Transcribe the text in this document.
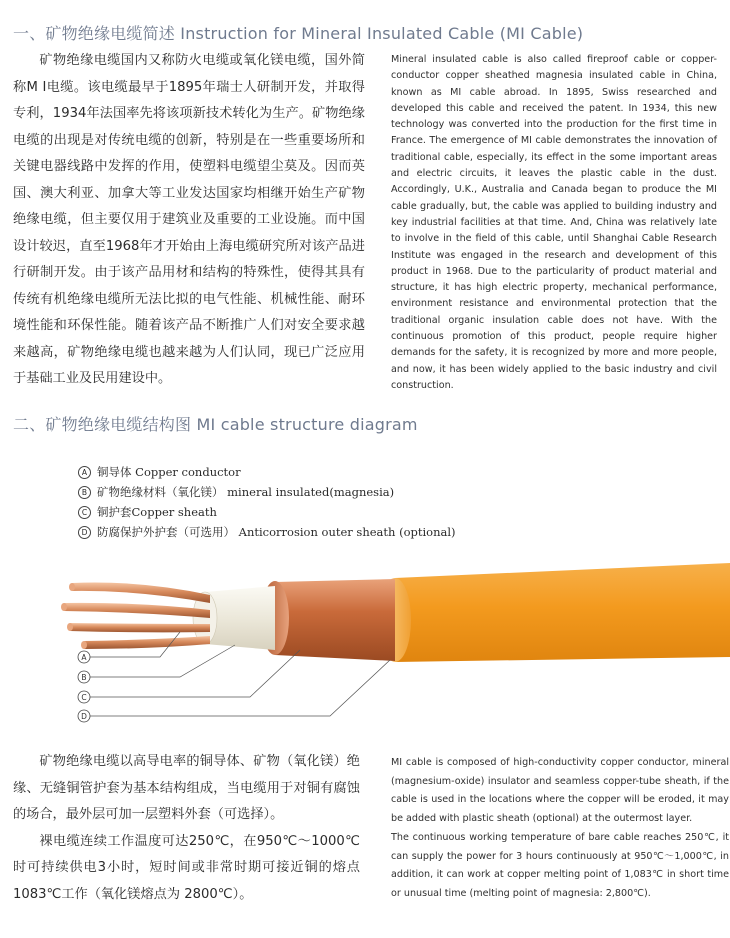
一、矿物绝缘电缆简述 Instruction for Mineral Insulated Cable (MI Cable)

矿物绝缘电缆国内又称防火电缆或氧化镁电缆，国外简称M I电缆。该电缆最早于1895年瑞士人研制开发，并取得专利，1934年法国率先将该项新技术转化为生产。矿物绝缘电缆的出现是对传统电缆的创新，特别是在一些重要场所和关键电器线路中发挥的作用，使塑料电缆望尘莫及。因而英国、澳大利亚、加拿大等工业发达国家均相继开始生产矿物绝缘电缆，但主要仅用于建筑业及重要的工业设施。而中国设计较迟，直至1968年才开始由上海电缆研究所对该产品进行研制开发。由于该产品用材和结构的特殊性，使得其具有传统有机绝缘电缆所无法比拟的电气性能、机械性能、耐环境性能和环保性能。随着该产品不断推广人们对安全要求越来越高，矿物绝缘电缆也越来越为人们认同，现已广泛应用于基础工业及民用建设中。

Mineral insulated cable is also called fireproof cable or copper-conductor copper sheathed magnesia insulated cable in China, known as MI cable abroad. In 1895, Swiss researched and developed this cable and received the patent. In 1934, this new technology was converted into the production for the first time in France. The emergence of MI cable demonstrates the innovation of traditional cable, especially, its effect in the some important areas and electric circuits, it leaves the plastic cable in the dust. Accordingly, U.K., Australia and Canada began to produce the MI cable gradually, but, the cable was applied to building industry and key industrial facilities at that time. And, China was relatively late to involve in the field of this cable, until Shanghai Cable Research Institute was engaged in the research and development of this product in 1968. Due to the particularity of product material and structure, it has high electric property, mechanical performance, environment resistance and environmental protection that the traditional organic insulation cable does not have. With the continuous promotion of this product, people require higher demands for the safety, it is recognized by more and more people, and now, it has been widely applied to the basic industry and civil construction.

二、矿物绝缘电缆结构图 MI cable structure diagram
A 铜导体 Copper conductor
B 矿物绝缘材料（氧化镁） mineral insulated(magnesia)
C 铜护套Copper sheath
D 防腐保护外护套（可选用） Anticorrosion outer sheath (optional)
A
B
C
D

矿物绝缘电缆以高导电率的铜导体、矿物（氧化镁）绝缘、无缝铜管护套为基本结构组成，当电缆用于对铜有腐蚀的场合，最外层可加一层塑料外套（可选择）。

裸电缆连续工作温度可达250℃，在950℃～1000℃时可持续供电3小时，短时间或非常时期可接近铜的熔点 1083℃工作（氧化镁熔点为 2800℃）。

MI cable is composed of high-conductivity copper conductor, mineral (magnesium-oxide) insulator and seamless copper-tube sheath, if the cable is used in the locations where the copper will be eroded, it may be added with plastic sheath (optional) at the outermost layer.

The continuous working temperature of bare cable reaches 250℃, it can supply the power for 3 hours continuously at 950℃～1,000℃, in addition, it can work at copper melting point of 1,083℃ in short time or unusual time (melting point of magnesia: 2,800℃).
